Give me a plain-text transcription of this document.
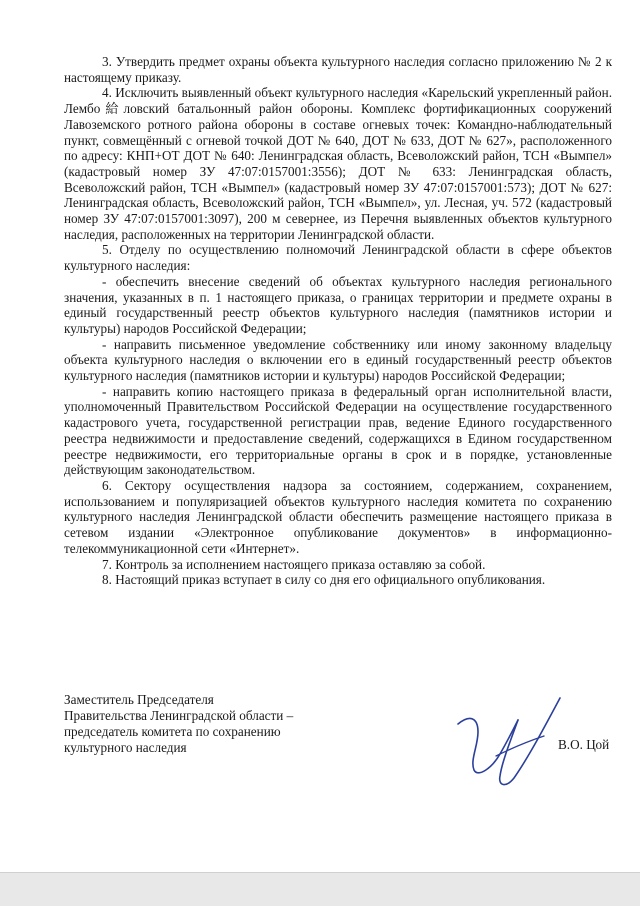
3. Утвердить предмет охраны объекта культурного наследия согласно приложению № 2 к настоящему приказу.

4. Исключить выявленный объект культурного наследия «Карельский укрепленный район. Лембо給ловский батальонный район обороны. Комплекс фортификационных сооружений Лавоземского ротного района обороны в составе огневых точек: Командно-наблюдательный пункт, совмещённый с огневой точкой ДОТ № 640, ДОТ № 633, ДОТ № 627», расположенного по адресу: КНП+ОТ ДОТ № 640: Ленинградская область, Всеволожский район, ТСН «Вымпел» (кадастровый номер ЗУ 47:07:0157001:3556); ДОТ № 633: Ленинградская область, Всеволожский район, ТСН «Вымпел» (кадастровый номер ЗУ 47:07:0157001:573); ДОТ № 627: Ленинградская область, Всеволожский район, ТСН «Вымпел», ул. Лесная, уч. 572 (кадастровый номер ЗУ 47:07:0157001:3097), 200 м севернее, из Перечня выявленных объектов культурного наследия, расположенных на территории Ленинградской области.

5. Отделу по осуществлению полномочий Ленинградской области в сфере объектов культурного наследия:

- обеспечить внесение сведений об объектах культурного наследия регионального значения, указанных в п. 1 настоящего приказа, о границах территории и предмете охраны в единый государственный реестр объектов культурного наследия (памятников истории и культуры) народов Российской Федерации;

- направить письменное уведомление собственнику или иному законному владельцу объекта культурного наследия о включении его в единый государственный реестр объектов культурного наследия (памятников истории и культуры) народов Российской Федерации;

- направить копию настоящего приказа в федеральный орган исполнительной власти, уполномоченный Правительством Российской Федерации на осуществление государственного кадастрового учета, государственной регистрации прав, ведение Единого государственного реестра недвижимости и предоставление сведений, содержащихся в Едином государственном реестре недвижимости, его территориальные органы в срок и в порядке, установленные действующим законодательством.

6. Сектору осуществления надзора за состоянием, содержанием, сохранением, использованием и популяризацией объектов культурного наследия комитета по сохранению культурного наследия Ленинградской области обеспечить размещение настоящего приказа в сетевом издании «Электронное опубликование документов» в информационно-телекоммуникационной сети «Интернет».

7. Контроль за исполнением настоящего приказа оставляю за собой.

8. Настоящий приказ вступает в силу со дня его официального опубликования.

Заместитель Председателя
Правительства Ленинградской области –
председатель комитета по сохранению
культурного наследия	В.О. Цой
